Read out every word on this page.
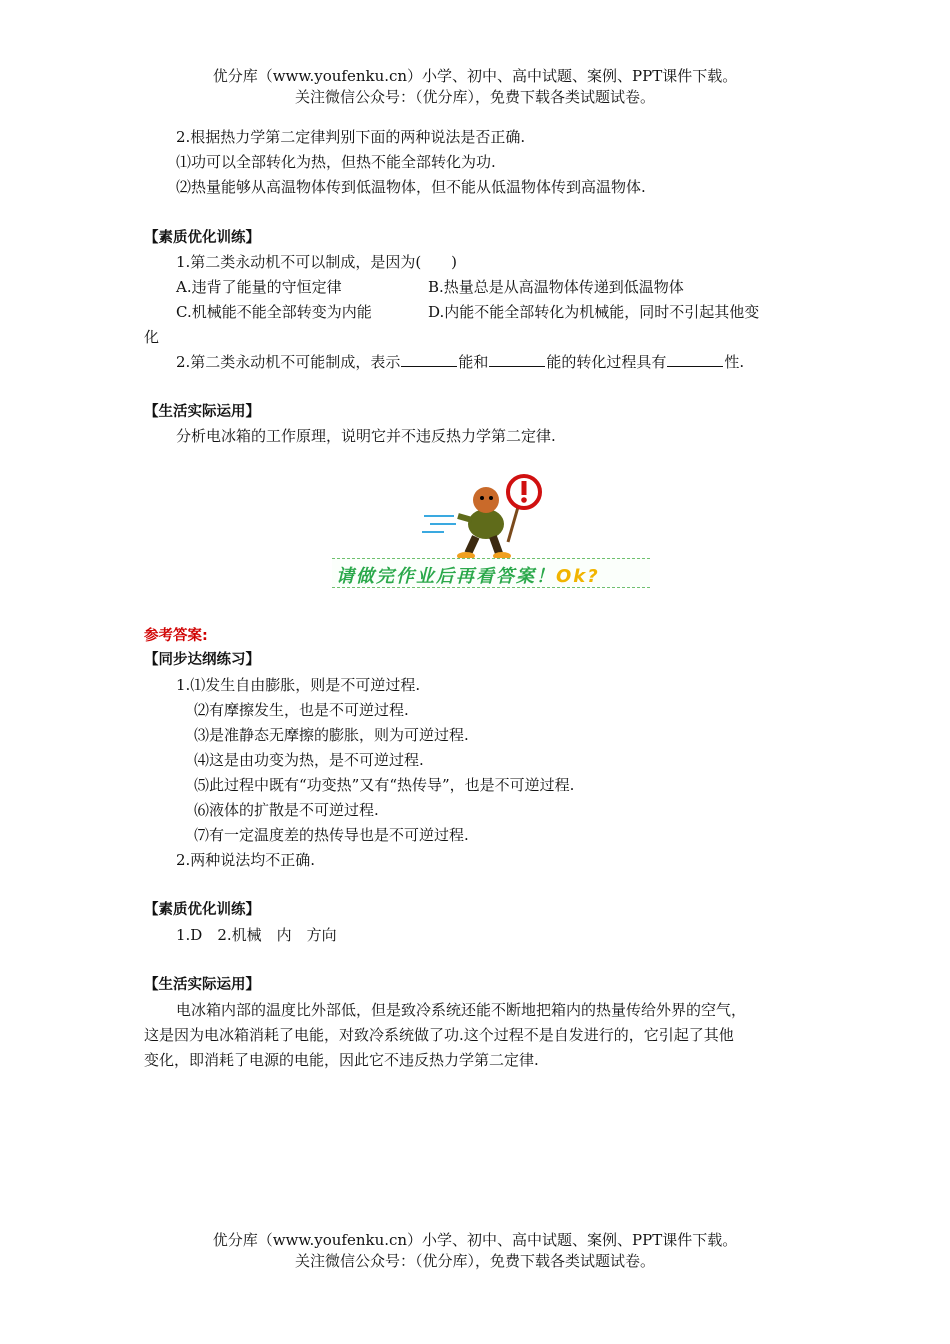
优分库（www.youfenku.cn）小学、初中、高中试题、案例、PPT课件下载。
关注微信公众号：（优分库），免费下载各类试题试卷。
2.根据热力学第二定律判别下面的两种说法是否正确.
⑴功可以全部转化为热，但热不能全部转化为功.
⑵热量能够从高温物体传到低温物体，但不能从低温物体传到高温物体.
【素质优化训练】
1.第二类永动机不可以制成，是因为(　　)
A.违背了能量的守恒定律	B.热量总是从高温物体传递到低温物体
C.机械能不能全部转变为内能	D.内能不能全部转化为机械能，同时不引起其他变
化
2.第二类永动机不可能制成，表示	能和	能的转化过程具有	性.
【生活实际运用】
分析电冰箱的工作原理，说明它并不违反热力学第二定律.
请做完作业后再看答案！Ok?
参考答案:
【同步达纲练习】
1.⑴发生自由膨胀，则是不可逆过程.
⑵有摩擦发生，也是不可逆过程.
⑶是准静态无摩擦的膨胀，则为可逆过程.
⑷这是由功变为热，是不可逆过程.
⑸此过程中既有“功变热”又有“热传导”，也是不可逆过程.
⑹液体的扩散是不可逆过程.
⑺有一定温度差的热传导也是不可逆过程.
2.两种说法均不正确.
【素质优化训练】
1.D　2.机械　内　方向
【生活实际运用】
电冰箱内部的温度比外部低，但是致冷系统还能不断地把箱内的热量传给外界的空气，
这是因为电冰箱消耗了电能，对致冷系统做了功.这个过程不是自发进行的，它引起了其他
变化，即消耗了电源的电能，因此它不违反热力学第二定律.
优分库（www.youfenku.cn）小学、初中、高中试题、案例、PPT课件下载。
关注微信公众号：（优分库），免费下载各类试题试卷。
